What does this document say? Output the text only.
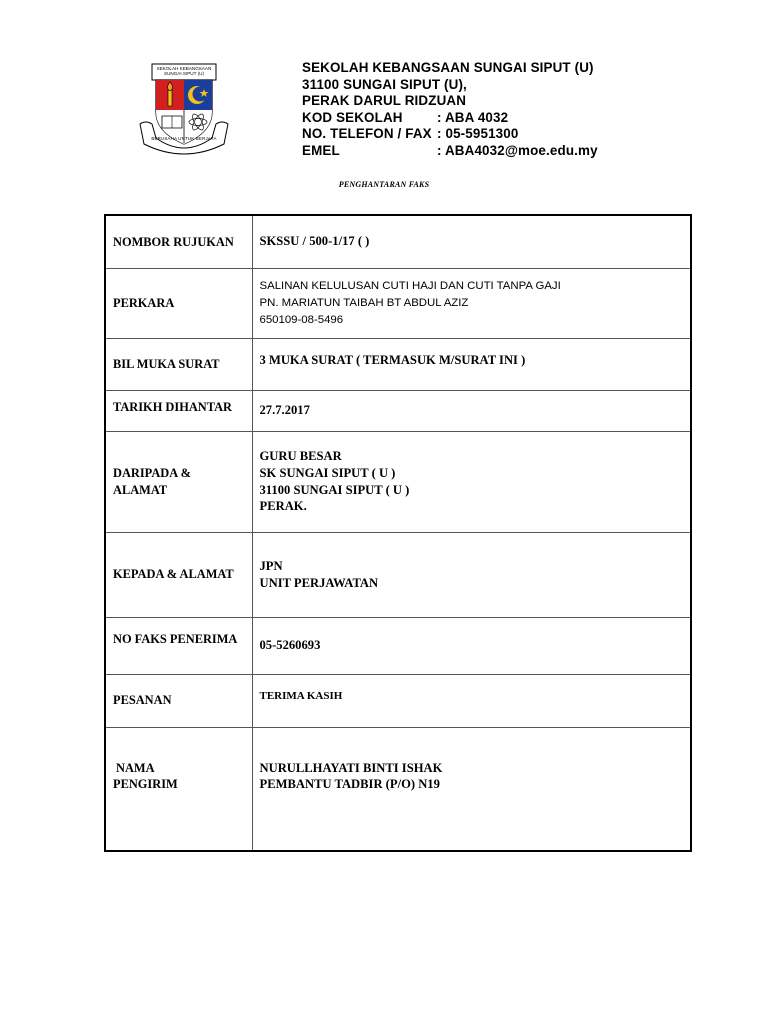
SEKOLAH KEBANGSAAN
SUNGAI SIPUT (U)
BERUSAHA UNTUK BERJAYA
SEKOLAH KEBANGSAAN SUNGAI SIPUT (U)
31100 SUNGAI SIPUT (U),
PERAK DARUL RIDZUAN
KOD SEKOLAH	: ABA 4032
NO. TELEFON / FAX : 05-5951300
EMEL	: ABA4032@moe.edu.my
PENGHANTARAN FAKS
NOMBOR RUJUKAN	SKSSU / 500-1/17 ( )
PERKARA	SALINAN KELULUSAN CUTI HAJI DAN CUTI TANPA GAJI
PN. MARIATUN TAIBAH BT ABDUL AZIZ
650109-08-5496

BIL MUKA SURAT	3 MUKA SURAT ( TERMASUK M/SURAT INI )
TARIKH DIHANTAR	27.7.2017

DARIPADA &
ALAMAT	GURU BESAR
SK SUNGAI SIPUT ( U )
31100 SUNGAI SIPUT ( U )
PERAK.

KEPADA & ALAMAT	JPN
UNIT PERJAWATAN

NO FAKS PENERIMA	05-5260693
PESANAN	TERIMA KASIH

NAMA
PENGIRIM	NURULLHAYATI BINTI ISHAK
PEMBANTU TADBIR (P/O) N19
